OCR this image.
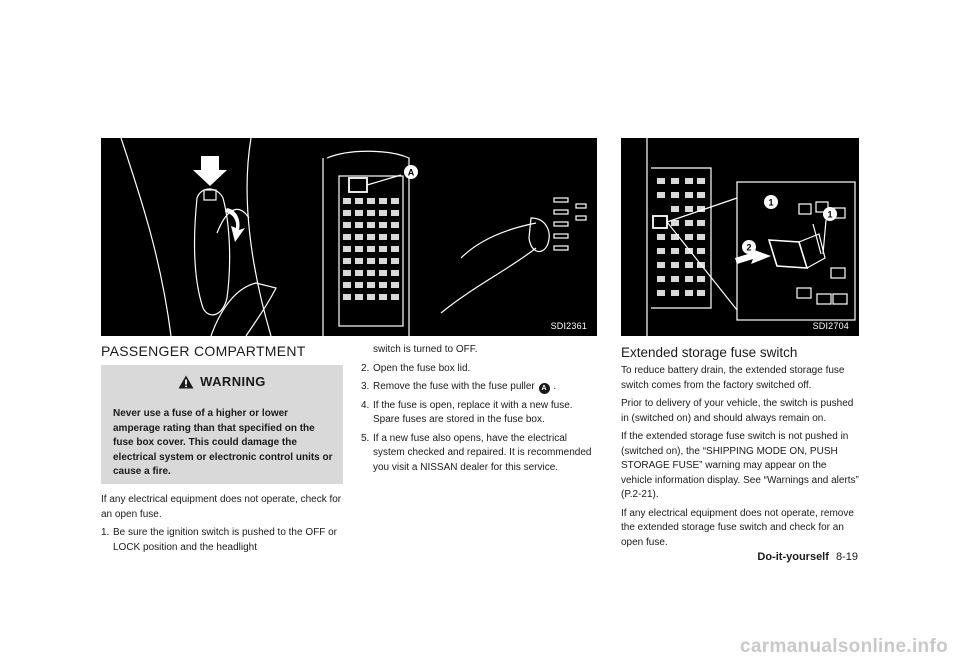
A
SDI2361
1
1
2
SDI2704
PASSENGER COMPARTMENT
WARNING
Never use a fuse of a higher or lower amperage rating than that specified on the fuse box cover. This could damage the electrical system or electronic control units or cause a fire.

If any electrical equipment does not operate, check for an open fuse.

1. Be sure the ignition switch is pushed to the OFF or LOCK position and the headlight
switch is turned to OFF.
2. Open the fuse box lid.
3. Remove the fuse with the fuse puller A .
4. If the fuse is open, replace it with a new fuse. Spare fuses are stored in the fuse box.
5. If a new fuse also opens, have the electrical system checked and repaired. It is recommended you visit a NISSAN dealer for this service.
Extended storage fuse switch

To reduce battery drain, the extended storage fuse switch comes from the factory switched off.

Prior to delivery of your vehicle, the switch is pushed in (switched on) and should always remain on.

If the extended storage fuse switch is not pushed in (switched on), the “SHIPPING MODE ON, PUSH STORAGE FUSE” warning may appear on the vehicle information display. See “Warnings and alerts” (P.2-21).

If any electrical equipment does not operate, remove the extended storage fuse switch and check for an open fuse.

Do-it-yourself 8-19
carmanualsonline.info
